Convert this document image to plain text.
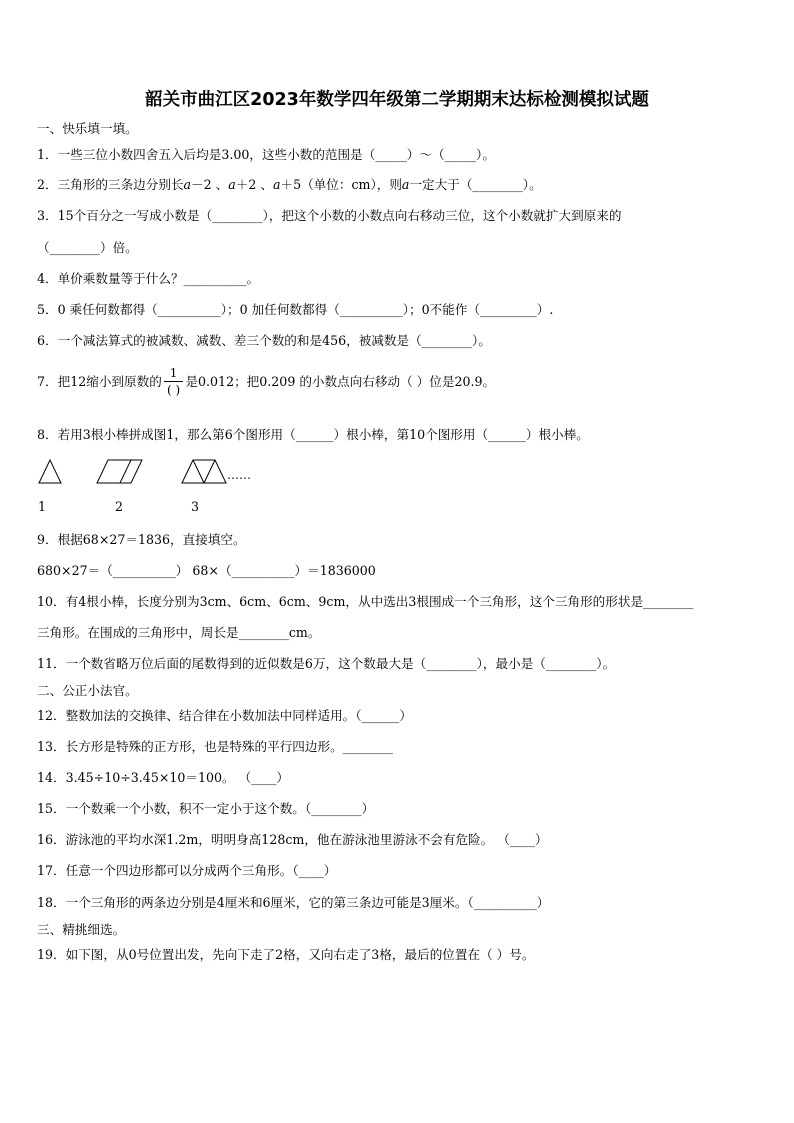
韶关市曲江区2023年数学四年级第二学期期末达标检测模拟试题
一、快乐填一填。
1．一些三位小数四舍五入后均是3.00，这些小数的范围是（_____）～（_____）。
2．三角形的三条边分别长𝑎－2 、𝑎＋2 、𝑎＋5（单位：cm），则𝑎一定大于（________）。
3．15个百分之一写成小数是（________），把这个小数的小数点向右移动三位，这个小数就扩大到原来的
（________）倍。
4．单价乘数量等于什么？__________。
5．0 乘任何数都得（__________）；0 加任何数都得（__________）；0不能作（_________）.
6．一个减法算式的被减数、减数、差三个数的和是456，被减数是（________）。
7．把12缩小到原数的 $\frac{1}{( )}$ 是0.012；把0.209 的小数点向右移动（ ）位是20.9。
8．若用3根小棒拼成图1，那么第6个图形用（______）根小棒，第10个图形用（______）根小棒。
……
1	2	3
9．根据68×27＝1836，直接填空。
680×27＝（__________） 68×（__________）＝1836000
10．有4根小棒，长度分别为3cm、6cm、6cm、9cm，从中选出3根围成一个三角形，这个三角形的形状是________
三角形。在围成的三角形中，周长是________cm。
11．一个数省略万位后面的尾数得到的近似数是6万，这个数最大是（________），最小是（________）。
二、公正小法官。
12．整数加法的交换律、结合律在小数加法中同样适用。（______）
13．长方形是特殊的正方形，也是特殊的平行四边形。________
14．3.45÷10÷3.45×10＝100。 （____）
15．一个数乘一个小数，积不一定小于这个数。（________）
16．游泳池的平均水深1.2m，明明身高128cm，他在游泳池里游泳不会有危险。 （____）
17．任意一个四边形都可以分成两个三角形。（____）
18．一个三角形的两条边分别是4厘米和6厘米，它的第三条边可能是3厘米。（__________）
三、精挑细选。
19．如下图，从0号位置出发，先向下走了2格，又向右走了3格，最后的位置在（ ）号。
